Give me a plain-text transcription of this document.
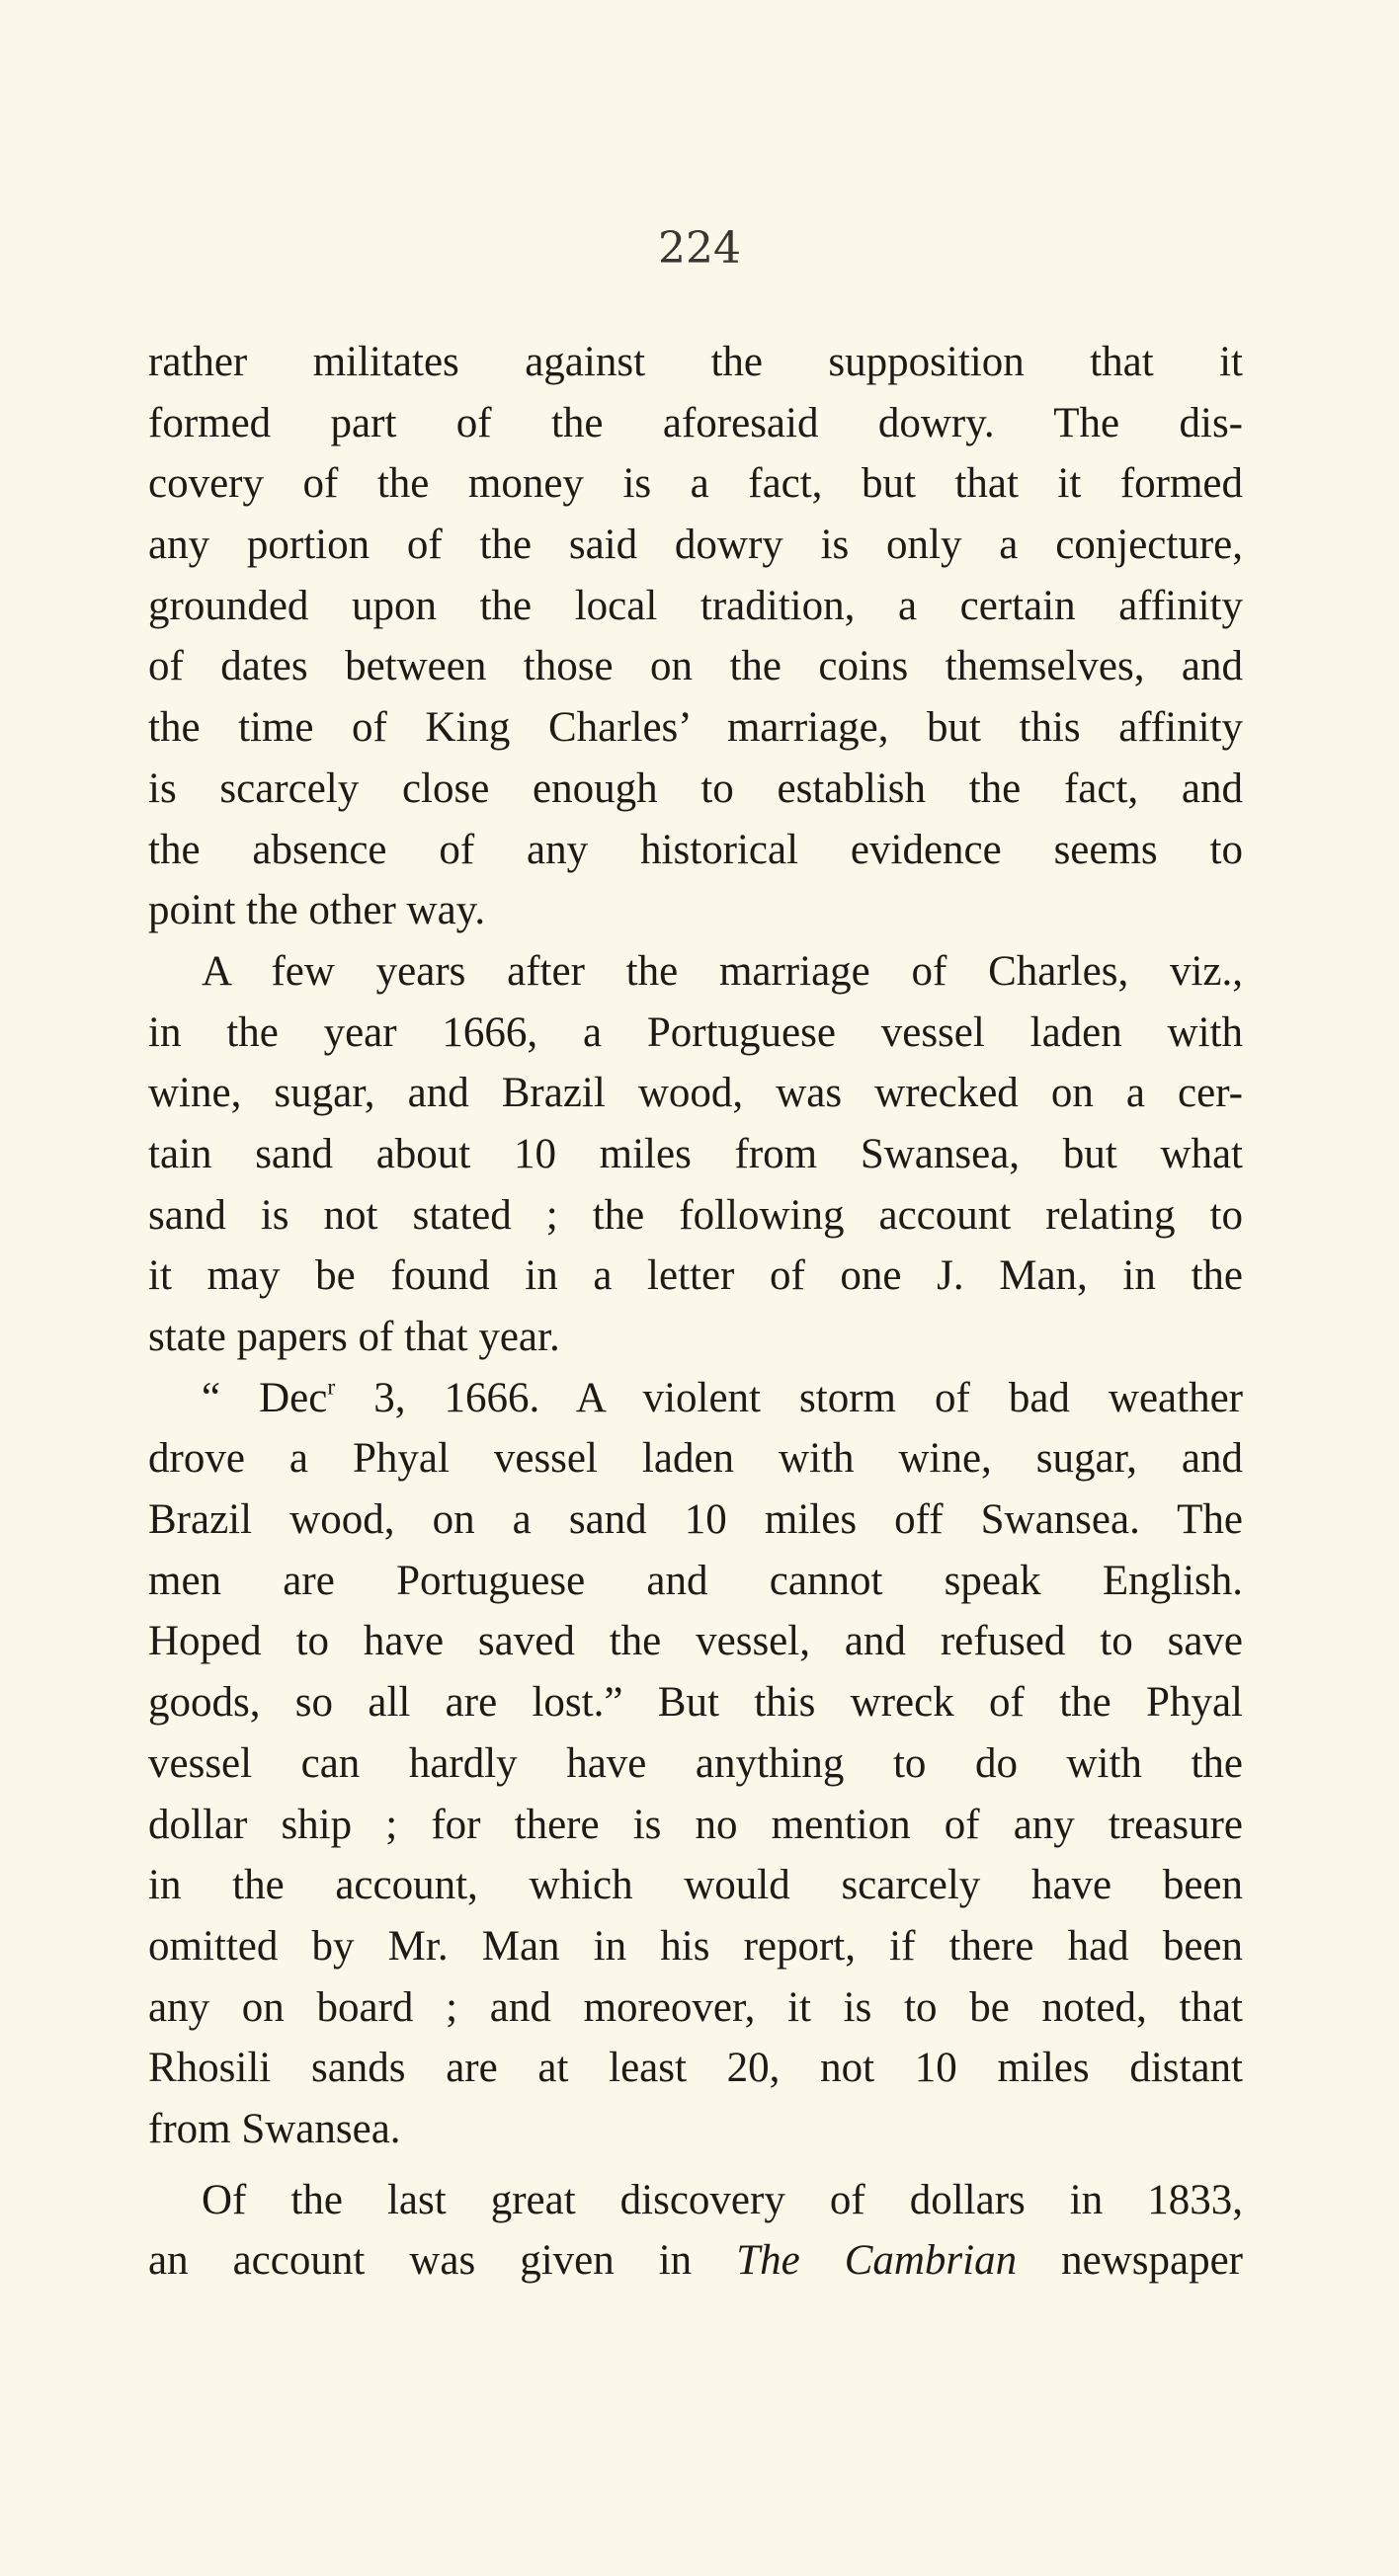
224
rather militates against the supposition that it
formed part of the aforesaid dowry. The dis-
covery of the money is a fact, but that it formed
any portion of the said dowry is only a conjecture,
grounded upon the local tradition, a certain affinity
of dates between those on the coins themselves, and
the time of King Charles’ marriage, but this affinity
is scarcely close enough to establish the fact, and
the absence of any historical evidence seems to
point the other way.
A few years after the marriage of Charles, viz.,
in the year 1666, a Portuguese vessel laden with
wine, sugar, and Brazil wood, was wrecked on a cer-
tain sand about 10 miles from Swansea, but what
sand is not stated ; the following account relating to
it may be found in a letter of one J. Man, in the
state papers of that year.
“ Dec$^r$ 3, 1666. A violent storm of bad weather
drove a Phyal vessel laden with wine, sugar, and
Brazil wood, on a sand 10 miles off Swansea. The
men are Portuguese and cannot speak English.
Hoped to have saved the vessel, and refused to save
goods, so all are lost.” But this wreck of the Phyal
vessel can hardly have anything to do with the
dollar ship ; for there is no mention of any treasure
in the account, which would scarcely have been
omitted by Mr. Man in his report, if there had been
any on board ; and moreover, it is to be noted, that
Rhosili sands are at least 20, not 10 miles distant
from Swansea.
Of the last great discovery of dollars in 1833,
an account was given in The Cambrian newspaper
